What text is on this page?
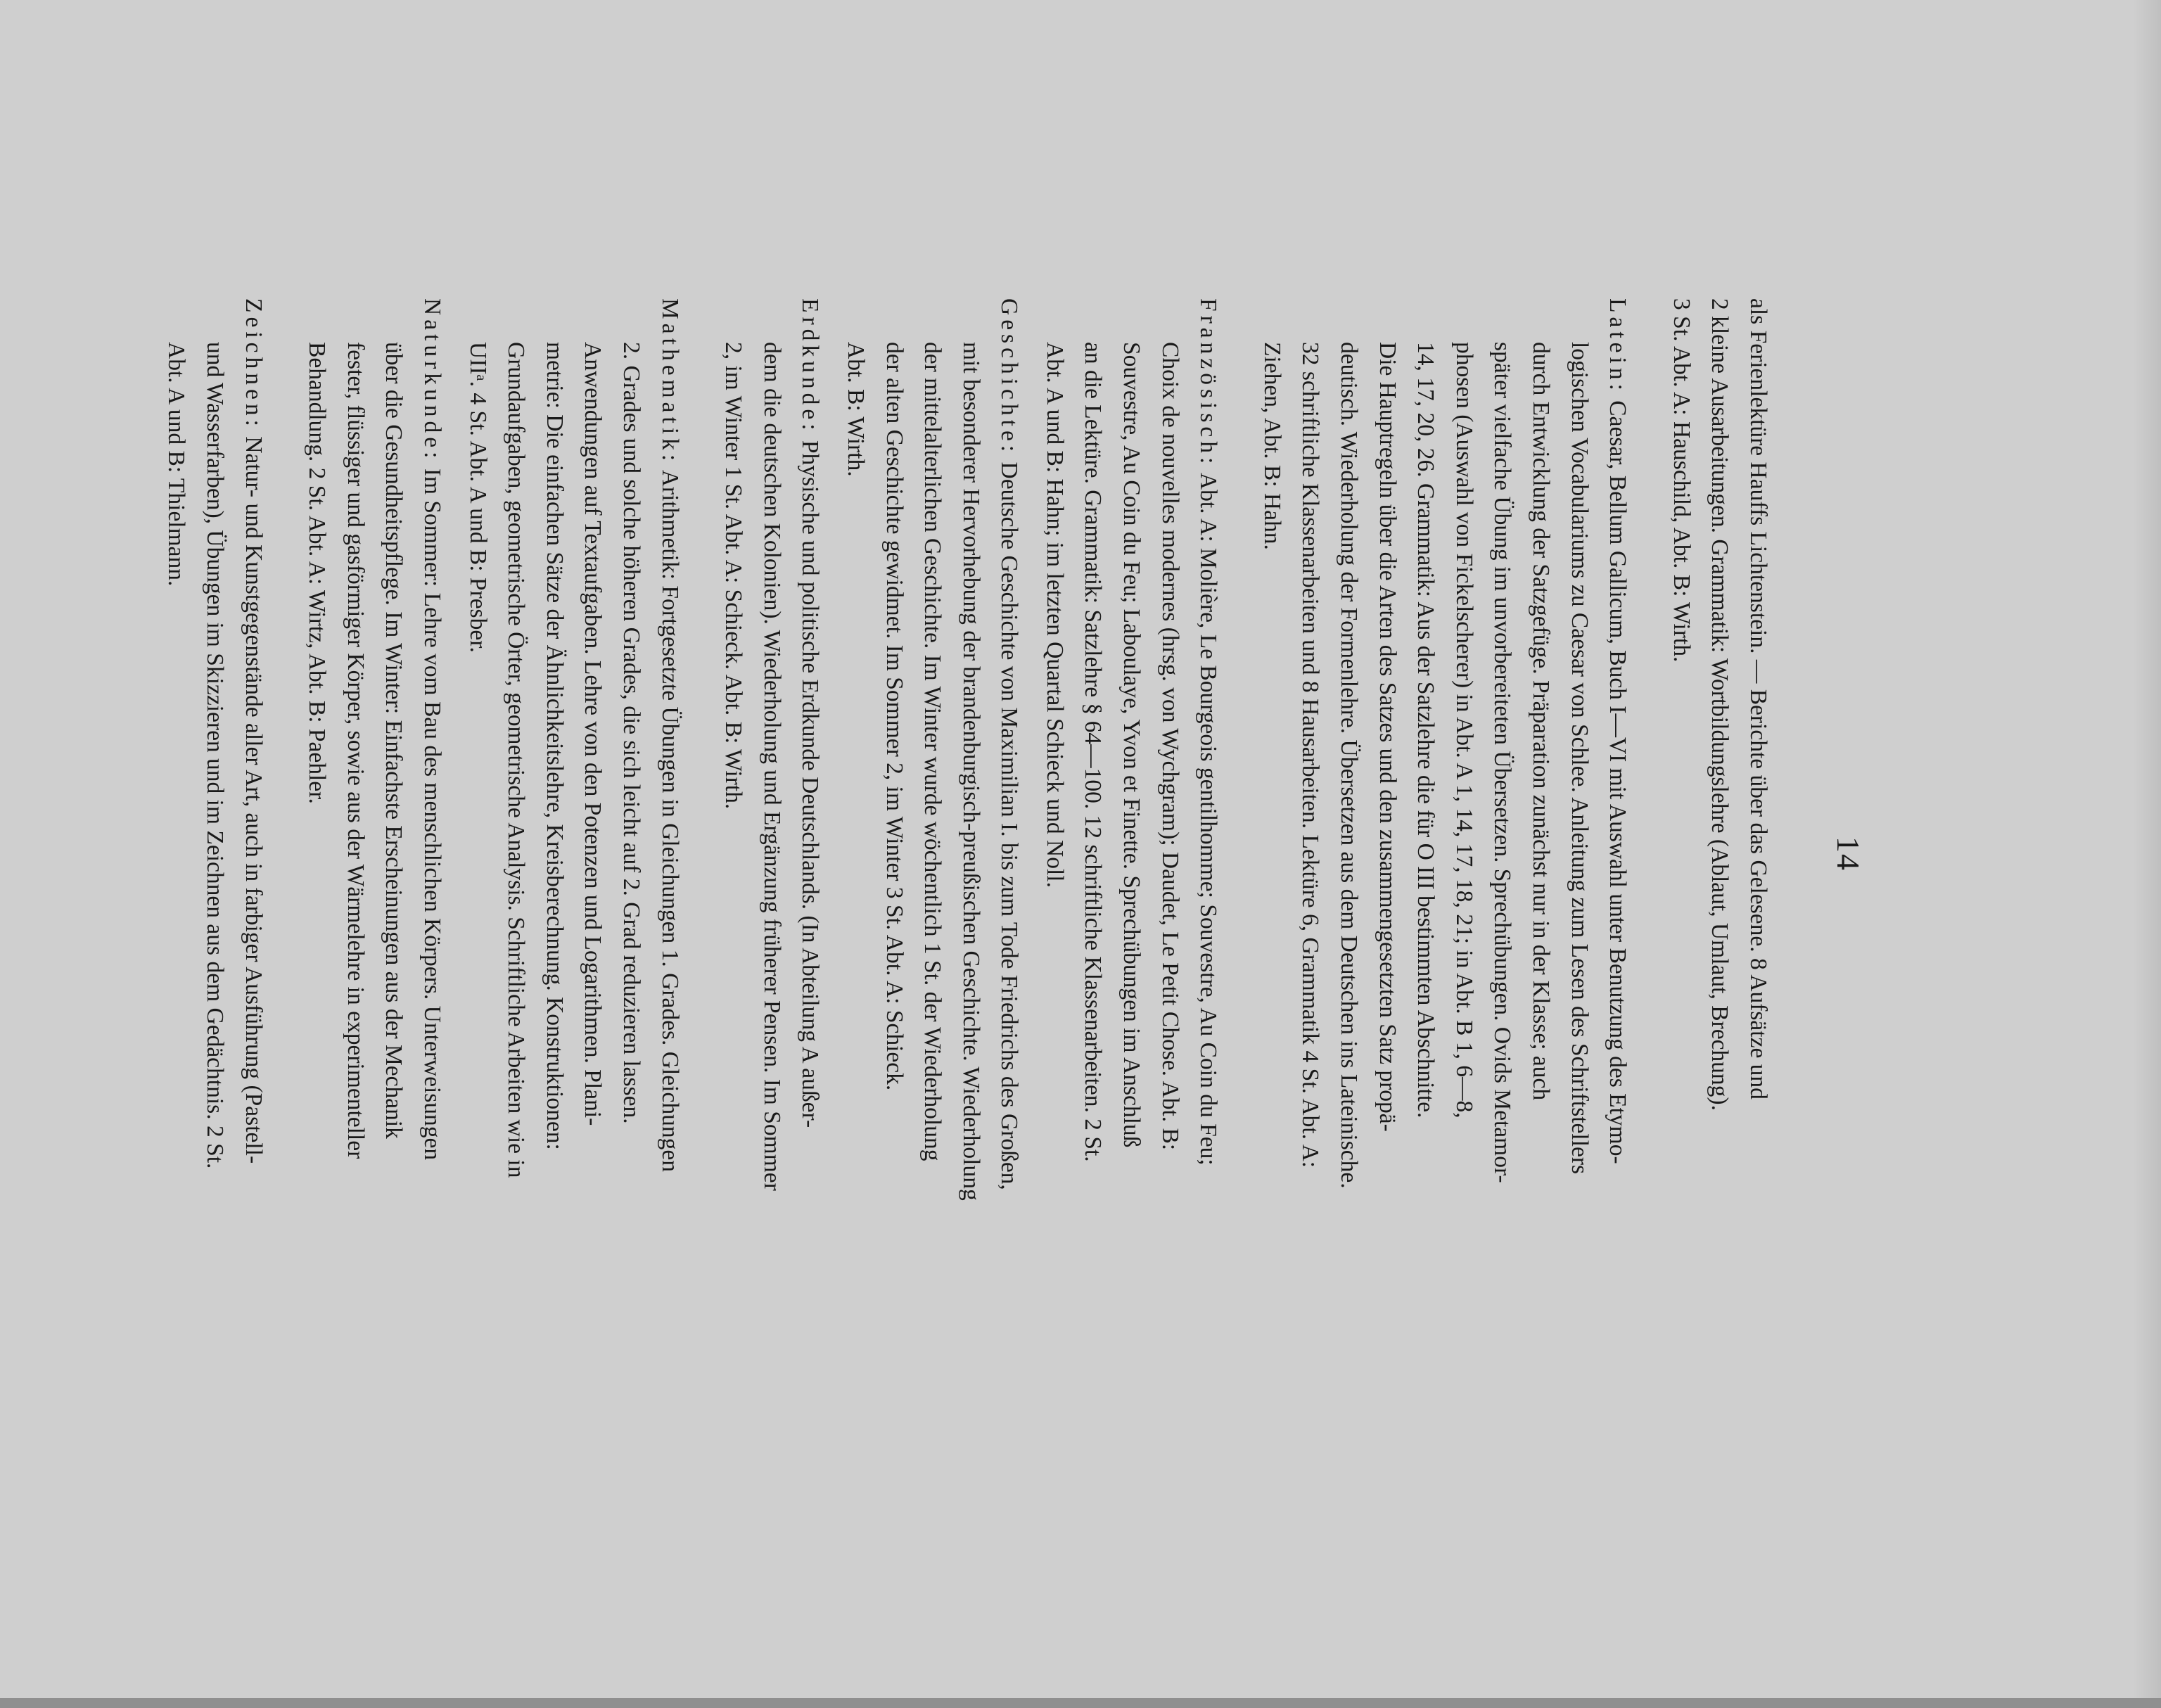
14
als Ferienlektüre Hauffs Lichtenstein. — Berichte über das Gelesene. 8 Aufsätze und
2 kleine Ausarbeitungen. Grammatik: Wortbildungslehre (Ablaut, Umlaut, Brechung).
3 St. Abt. A: Hauschild, Abt. B: Wirth.
Latein: Caesar, Bellum Gallicum, Buch I—VI mit Auswahl unter Benutzung des Etymo-
logischen Vocabulariums zu Caesar von Schlee. Anleitung zum Lesen des Schriftstellers
durch Entwicklung der Satzgefüge. Präparation zunächst nur in der Klasse; auch
später vielfache Übung im unvorbereiteten Übersetzen. Sprechübungen. Ovids Metamor-
phosen (Auswahl von Fickelscherer) in Abt. A 1, 14, 17, 18, 21; in Abt. B 1, 6—8,
14, 17, 20, 26. Grammatik: Aus der Satzlehre die für O III bestimmten Abschnitte.
Die Hauptregeln über die Arten des Satzes und den zusammengesetzten Satz propä-
deutisch. Wiederholung der Formenlehre. Übersetzen aus dem Deutschen ins Lateinische.
32 schriftliche Klassenarbeiten und 8 Hausarbeiten. Lektüre 6, Grammatik 4 St. Abt. A:
Ziehen, Abt. B: Hahn.
Französisch: Abt. A: Molière, Le Bourgeois gentilhomme; Souvestre, Au Coin du Feu;
Choix de nouvelles modernes (hrsg. von Wychgram); Daudet, Le Petit Chose. Abt. B:
Souvestre, Au Coin du Feu; Laboulaye, Yvon et Finette. Sprechübungen im Anschluß
an die Lektüre. Grammatik: Satzlehre § 64—100. 12 schriftliche Klassenarbeiten. 2 St.
Abt. A und B: Hahn; im letzten Quartal Schieck und Noll.
Geschichte: Deutsche Geschichte von Maximilian I. bis zum Tode Friedrichs des Großen,
mit besonderer Hervorhebung der brandenburgisch-preußischen Geschichte. Wiederholung
der mittelalterlichen Geschichte. Im Winter wurde wöchentlich 1 St. der Wiederholung
der alten Geschichte gewidmet. Im Sommer 2, im Winter 3 St. Abt. A: Schieck.
Abt. B: Wirth.
Erdkunde: Physische und politische Erdkunde Deutschlands. (In Abteilung A außer-
dem die deutschen Kolonien). Wiederholung und Ergänzung früherer Pensen. Im Sommer
2, im Winter 1 St. Abt. A: Schieck. Abt. B: Wirth.
Mathematik: Arithmetik: Fortgesetzte Übungen in Gleichungen 1. Grades. Gleichungen
2. Grades und solche höheren Grades, die sich leicht auf 2. Grad reduzieren lassen.
Anwendungen auf Textaufgaben. Lehre von den Potenzen und Logarithmen. Plani-
metrie: Die einfachen Sätze der Ähnlichkeitslehre, Kreisberechnung. Konstruktionen:
Grundaufgaben, geometrische Örter, geometrische Analysis. Schriftliche Arbeiten wie in
UIIᵃ. 4 St. Abt. A und B: Presber.
Naturkunde: Im Sommer: Lehre vom Bau des menschlichen Körpers. Unterweisungen
über die Gesundheitspflege. Im Winter: Einfachste Erscheinungen aus der Mechanik
fester, flüssiger und gasförmiger Körper, sowie aus der Wärmelehre in experimenteller
Behandlung. 2 St. Abt. A: Wirtz, Abt. B: Paehler.
Zeichnen: Natur- und Kunstgegenstände aller Art, auch in farbiger Ausführung (Pastell-
und Wasserfarben), Übungen im Skizzieren und im Zeichnen aus dem Gedächtnis. 2 St.
Abt. A und B: Thielmann.
